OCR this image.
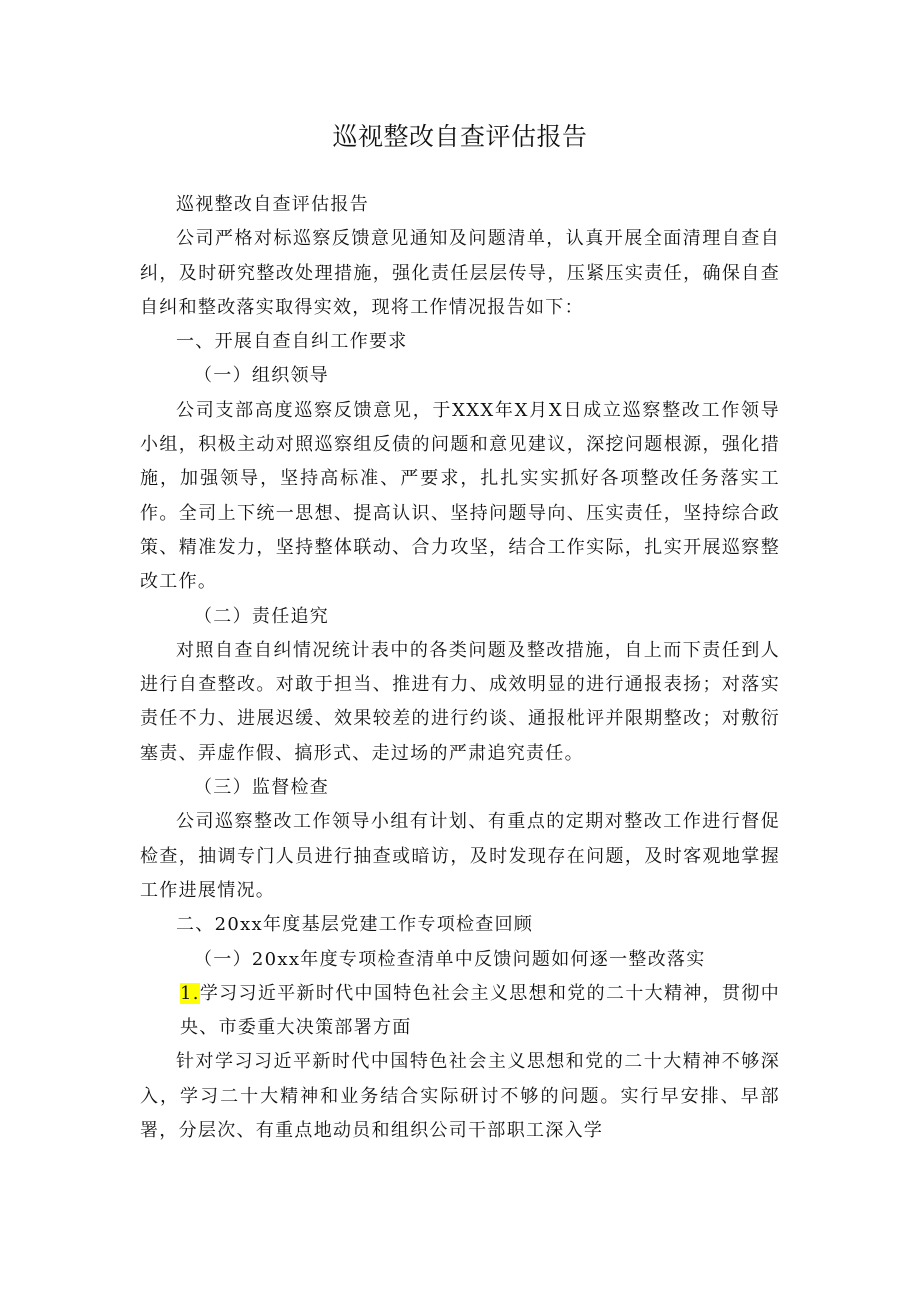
巡视整改自查评估报告

巡视整改自查评估报告

公司严格对标巡察反馈意见通知及问题清单，认真开展全面清理自查自纠，及时研究整改处理措施，强化责任层层传导，压紧压实责任，确保自查自纠和整改落实取得实效，现将工作情况报告如下：

一、开展自查自纠工作要求

（一）组织领导

公司支部高度巡察反馈意见，于XXX年X月X日成立巡察整改工作领导小组，积极主动对照巡察组反债的问题和意见建议，深挖问题根源，强化措施，加强领导，坚持高标准、严要求，扎扎实实抓好各项整改任务落实工作。全司上下统一思想、提高认识、坚持问题导向、压实责任，坚持综合政策、精准发力，坚持整体联动、合力攻坚，结合工作实际，扎实开展巡察整改工作。

（二）责任追究

对照自查自纠情况统计表中的各类问题及整改措施，自上而下责任到人进行自查整改。对敢于担当、推进有力、成效明显的进行通报表扬；对落实责任不力、进展迟缓、效果较差的进行约谈、通报枇评并限期整改；对敷衍塞责、弄虚作假、搞形式、走过场的严肃追究责任。

（三）监督检查

公司巡察整改工作领导小组有计划、有重点的定期对整改工作进行督促检查，抽调专门人员进行抽查或暗访，及时发现存在问题，及时客观地掌握工作进展情况。

二、20xx年度基层党建工作专项检查回顾

（一）20xx年度专项检查清单中反馈问题如何逐一整改落实

1.学习习近平新时代中国特色社会主义思想和党的二十大精神，贯彻中央、市委重大决策部署方面

针对学习习近平新时代中国特色社会主义思想和党的二十大精神不够深入，学习二十大精神和业务结合实际研讨不够的问题。实行早安排、早部署，分层次、有重点地动员和组织公司干部职工深入学
